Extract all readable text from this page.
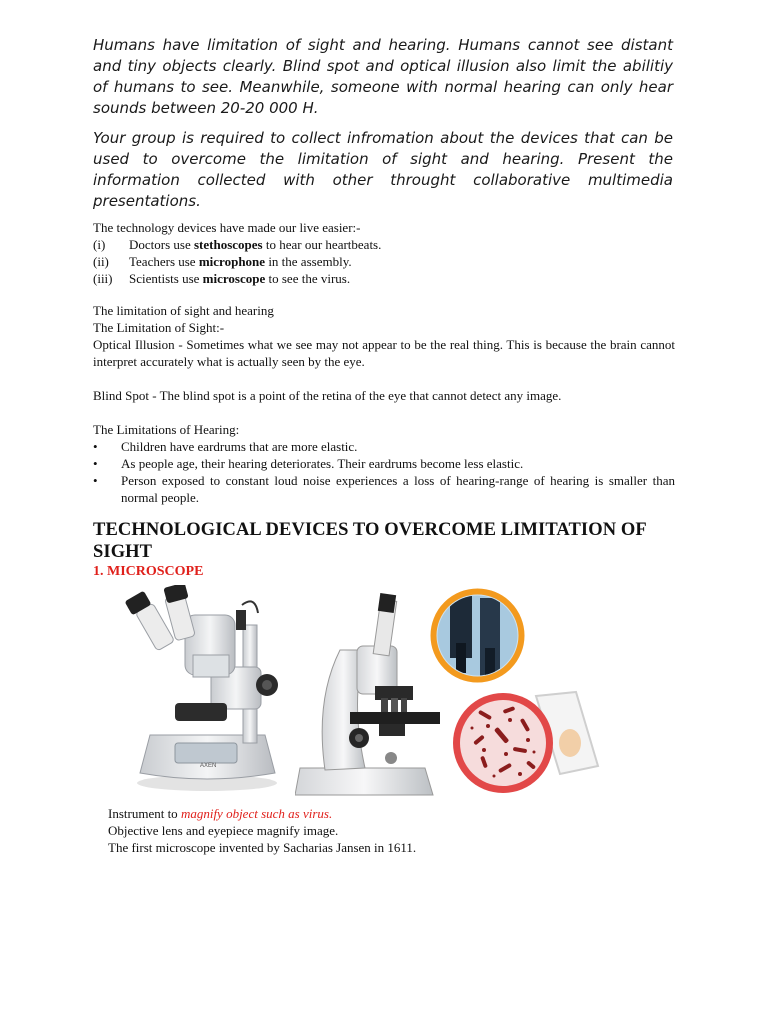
Humans have limitation of sight and hearing. Humans cannot see distant and tiny objects clearly. Blind spot and optical illusion also limit the abilitiy of humans to see. Meanwhile, someone with normal hearing can only hear sounds between 20-20 000 H.

Your group is required to collect infromation about the devices that can be used to overcome the limitation of sight and hearing. Present the information collected with other throught collaborative multimedia presentations.

The technology devices have made our live easier:-
(i)	Doctors use stethoscopes to hear our heartbeats.
(ii)	Teachers use microphone in the assembly.
(iii)	Scientists use microscope to see the virus.
The limitation of sight and hearing
The Limitation of Sight:-
Optical Illusion - Sometimes what we see may not appear to be the real thing. This is because the brain cannot interpret accurately what is actually seen by the eye.
Blind Spot - The blind spot is a point of the retina of the eye that cannot detect any image.
The Limitations of Hearing:
•	Children have eardrums that are more elastic.
•	As people age, their hearing deteriorates. Their eardrums become less elastic.
•	Person exposed to constant loud noise experiences a loss of hearing-range of hearing is smaller than normal people.
TECHNOLOGICAL DEVICES TO OVERCOME LIMITATION OF SIGHT
1. MICROSCOPE
AXEN
Instrument to magnify object such as virus.
Objective lens and eyepiece magnify image.
The first microscope invented by Sacharias Jansen in 1611.
